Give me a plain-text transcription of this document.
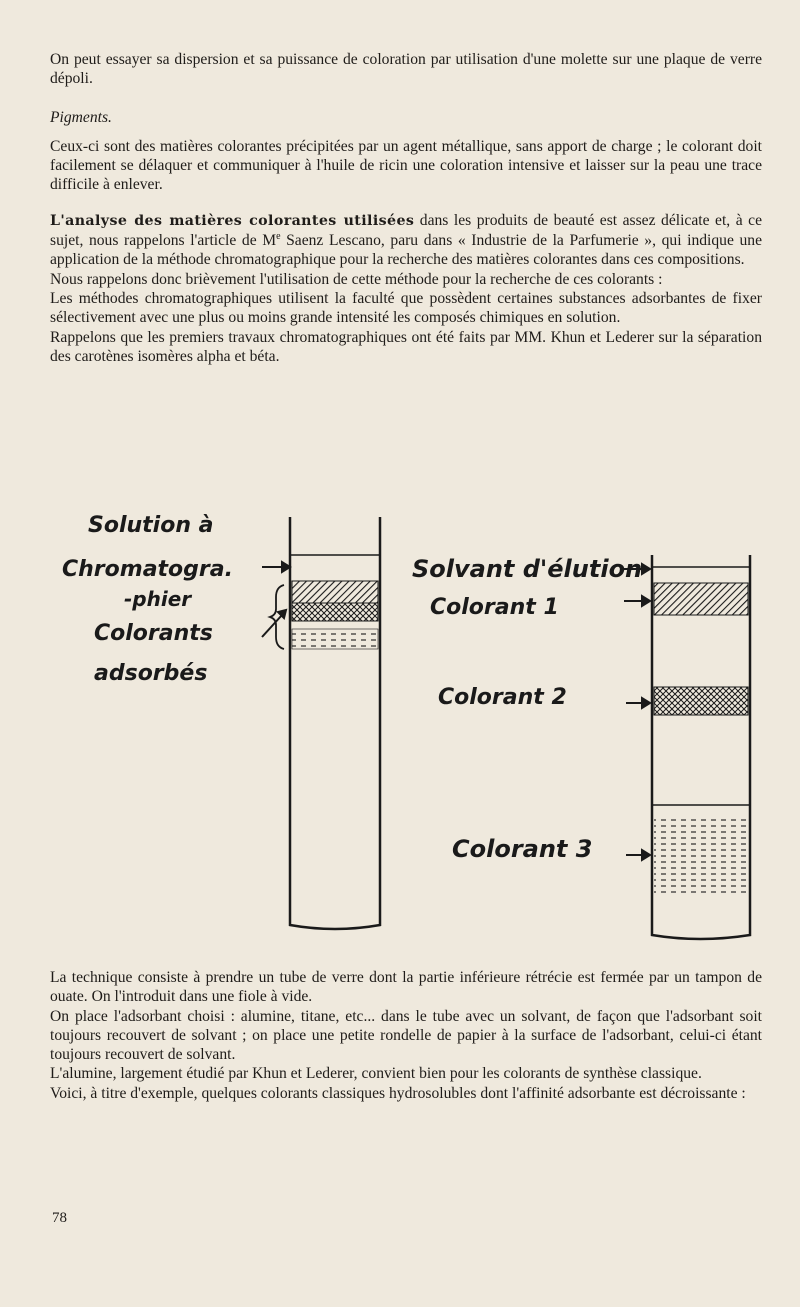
On peut essayer sa dispersion et sa puissance de coloration par utilisation d'une molette sur une plaque de verre dépoli.

Pigments.

Ceux-ci sont des matières colorantes précipitées par un agent métallique, sans apport de charge ; le colorant doit facilement se délaquer et communiquer à l'huile de ricin une coloration intensive et laisser sur la peau une trace difficile à enlever.

L'analyse des matières colorantes utilisées dans les produits de beauté est assez délicate et, à ce sujet, nous rappelons l'article de Me Saenz Lescano, paru dans « Industrie de la Parfumerie », qui indique une application de la méthode chromatographique pour la recherche des matières colorantes dans ces compositions.

Nous rappelons donc brièvement l'utilisation de cette méthode pour la recherche de ces colorants :

Les méthodes chromatographiques utilisent la faculté que possèdent certaines substances adsorbantes de fixer sélectivement avec une plus ou moins grande intensité les composés chimiques en solution.

Rappelons que les premiers travaux chromatographiques ont été faits par MM. Khun et Lederer sur la séparation des carotènes isomères alpha et béta.

Solution à
Chromatogra.
-phier
Colorants
adsorbés
Solvant d'élution
Colorant 1
Colorant 2
Colorant 3

La technique consiste à prendre un tube de verre dont la partie inférieure rétrécie est fermée par un tampon de ouate. On l'introduit dans une fiole à vide.

On place l'adsorbant choisi : alumine, titane, etc... dans le tube avec un solvant, de façon que l'adsorbant soit toujours recouvert de solvant ; on place une petite rondelle de papier à la surface de l'adsorbant, celui-ci étant toujours recouvert de solvant.

L'alumine, largement étudié par Khun et Lederer, convient bien pour les colorants de synthèse classique.

Voici, à titre d'exemple, quelques colorants classiques hydrosolubles dont l'affinité adsorbante est décroissante :

78
